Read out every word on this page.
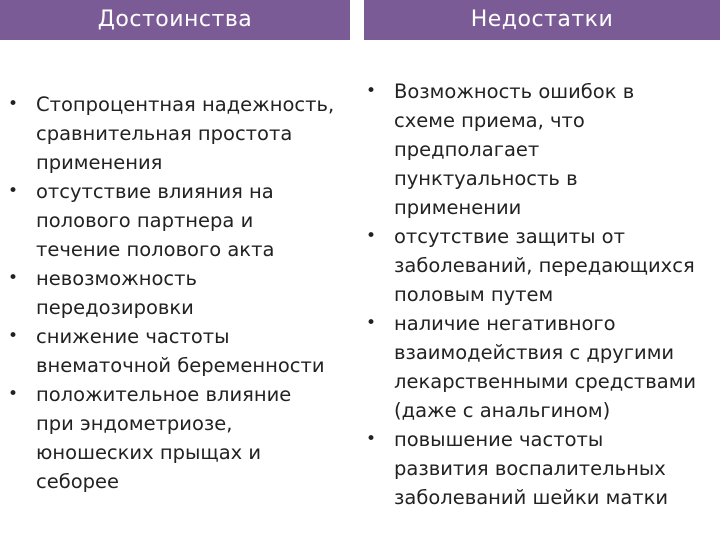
Достоинства	Недостатки
• Стопроцентная надежность,
сравнительная простота
применения
• отсутствие влияния на
полового партнера и
течение полового акта
• невозможность
передозировки
• снижение частоты
внематочной беременности
• положительное влияние
при эндометриозе,
юношеских прыщах и
себорее
• Возможность ошибок в
схеме приема, что
предполагает
пунктуальность в
применении
• отсутствие защиты от
заболеваний, передающихся
половым путем
• наличие негативного
взаимодействия с другими
лекарственными средствами
(даже с анальгином)
• повышение частоты
развития воспалительных
заболеваний шейки матки
